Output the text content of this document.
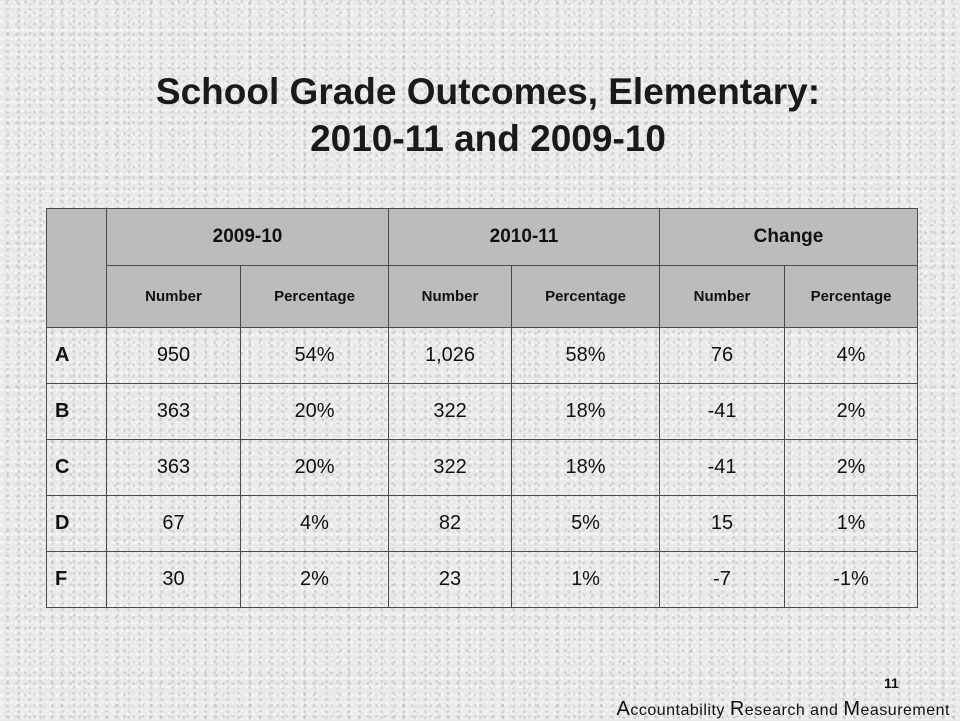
School Grade Outcomes, Elementary:
2010-11 and 2009-10
	2009-10		2010-11		Change	
	Number	Percentage	Number	Percentage	Number	Percentage
A	950	54%	1,026	58%	76	4%
B	363	20%	322	18%	-41	2%
C	363	20%	322	18%	-41	2%
D	67	4%	82	5%	15	1%
F	30	2%	23	1%	-7	-1%
11
Accountability Research and Measurement
